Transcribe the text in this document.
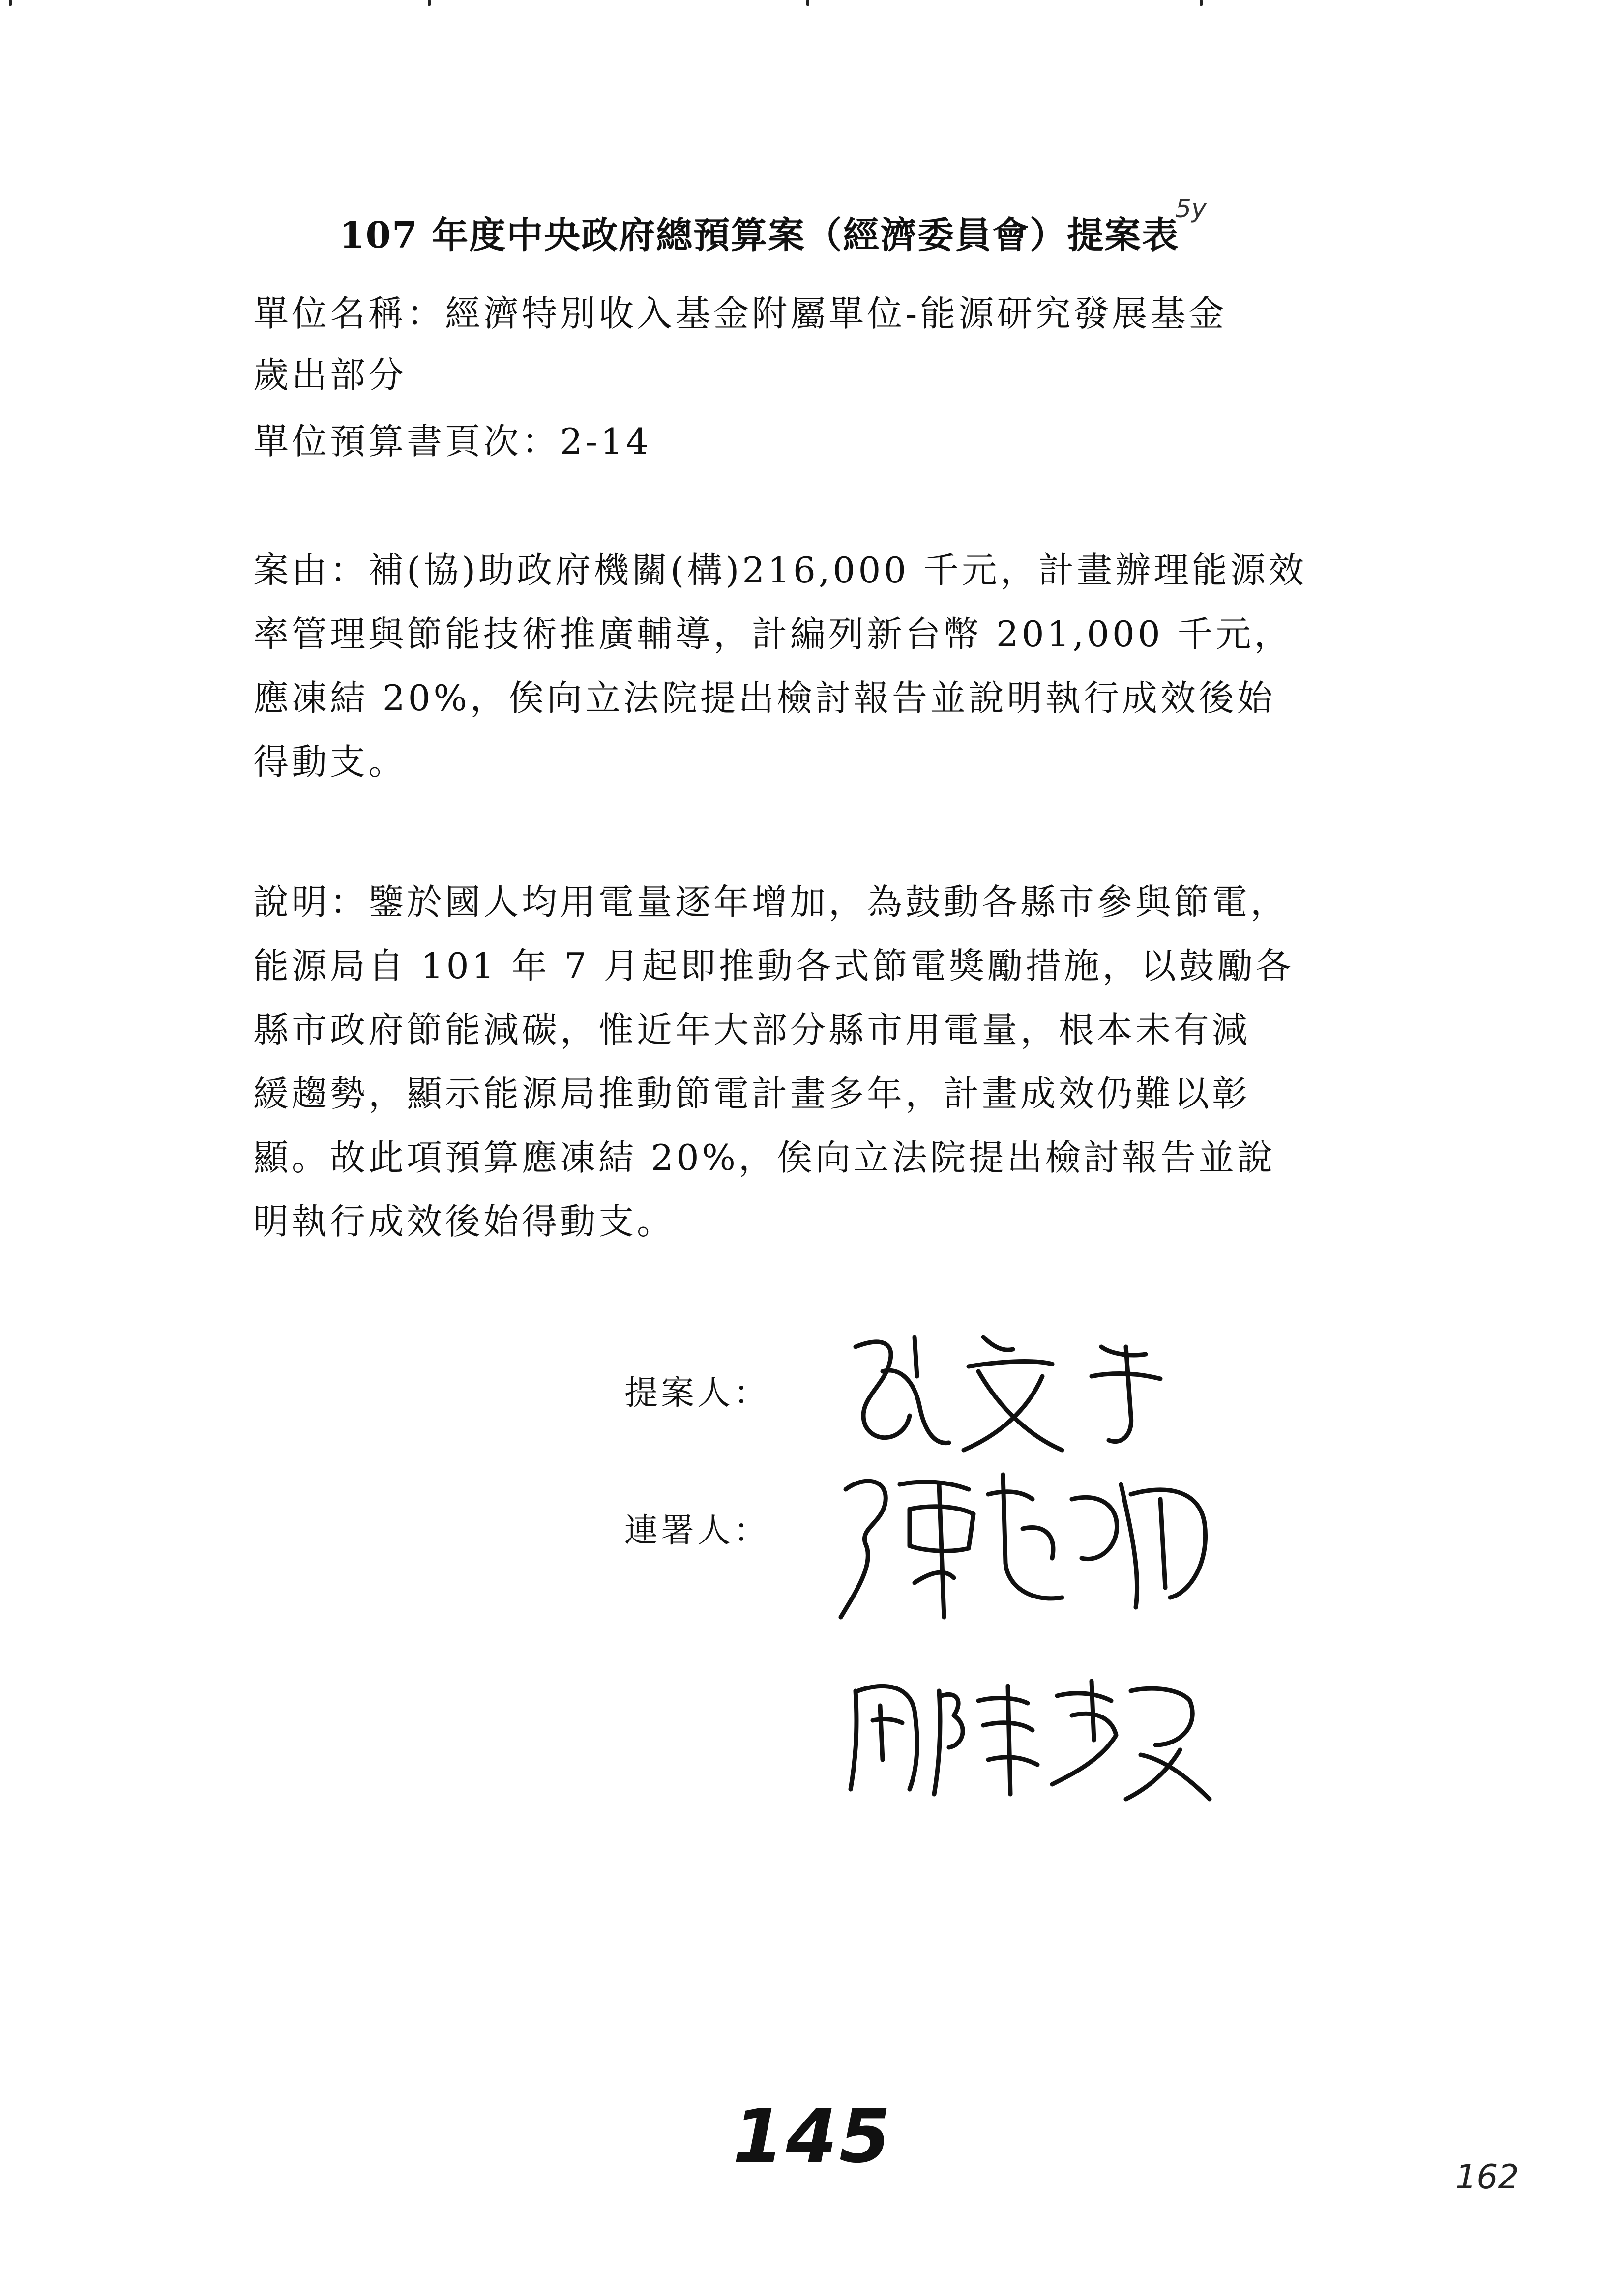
107 年度中央政府總預算案（經濟委員會）提案表
5y
單位名稱：經濟特別收入基金附屬單位-能源研究發展基金
歲出部分
單位預算書頁次：2-14
案由：補(協)助政府機關(構)216,000 千元，計畫辦理能源效
率管理與節能技術推廣輔導，計編列新台幣 201,000 千元，
應凍結 20%，俟向立法院提出檢討報告並說明執行成效後始
得動支。
說明：鑒於國人均用電量逐年增加，為鼓動各縣市參與節電，
能源局自 101 年 7 月起即推動各式節電獎勵措施，以鼓勵各
縣市政府節能減碳，惟近年大部分縣市用電量，根本未有減
緩趨勢，顯示能源局推動節電計畫多年，計畫成效仍難以彰
顯。故此項預算應凍結 20%，俟向立法院提出檢討報告並說
明執行成效後始得動支。
提案人：
連署人：
145	162
